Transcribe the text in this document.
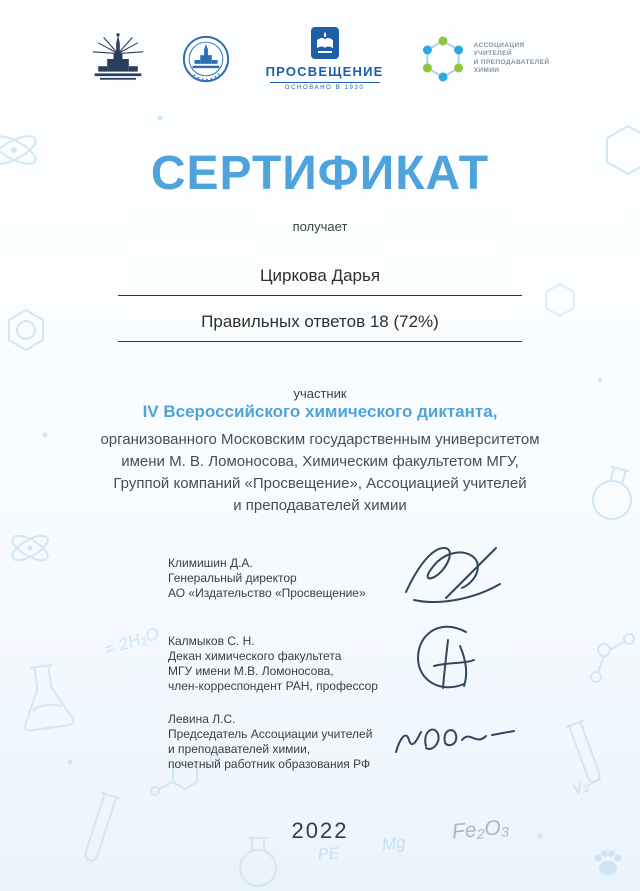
= 2H₂O
PE
Mg
Fe₂O₃
V₂—
ПРОСВЕЩЕНИЕ
ОСНОВАНО В 1930
АССОЦИАЦИЯ
УЧИТЕЛЕЙ
И ПРЕПОДАВАТЕЛЕЙ
ХИМИИ
СЕРТИФИКАТ
получает
Циркова Дарья
Правильных ответов 18 (72%)
участник
IV Всероссийского химического диктанта,
организованного Московским государственным университетом
имени М. В. Ломоносова, Химическим факультетом МГУ,
Группой компаний «Просвещение», Ассоциацией учителей
и преподавателей химии
Климишин Д.А.
Генеральный директор
АО «Издательство «Просвещение»
Калмыков С. Н.
Декан химического факультета
МГУ имени М.В. Ломоносова,
член-корреспондент РАН, профессор
Левина Л.С.
Председатель Ассоциации учителей
и преподавателей химии,
почетный работник образования РФ
2022
